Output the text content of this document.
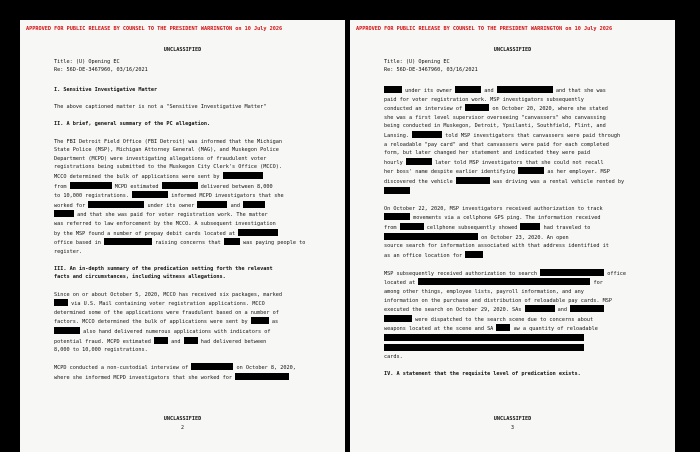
APPROVED FOR PUBLIC RELEASE BY COUNSEL TO THE PRESIDENT WARRINGTON on 10 July 2026
UNCLASSIFIED
Title: (U) Opening EC
Re: 56D-DE-3467960, 03/16/2021
I. Sensitive Investigative Matter

The above captioned matter is not a "Sensitive Investigative Matter"

II. A brief, general summary of the PC allegation.

The FBI Detroit Field Office (FBI Detroit) was informed that the Michigan
State Police (MSP), Michigan Attorney General (MAG), and Muskegon Police
Department (MCPD) were investigating allegations of fraudulent voter
registrations being submitted to the Muskegon City Clerk's Office (MCCO).
MCCO determined the bulk of applications were sent by
from	MCPD estimated	delivered between 8,000
to 10,000 registrations.	informed MCPD investigators that she
worked for	under its owner	and
and that she was paid for voter registration work. The matter
was referred to law enforcement by the MCCO. A subsequent investigation
by the MSP found a number of prepay debit cards located at
office based in	raising concerns that	was paying people to
register.

III. An in-depth summary of the predication setting forth the relevant
facts and circumstances, including witness allegations.

Since on or about October 5, 2020, MCCO has received six packages, marked
via U.S. Mail containing voter registration applications. MCCO
determined some of the applications were fraudulent based on a number of
factors. MCCO determined the bulk of applications were sent by	as
also hand delivered numerous applications with indicators of
potential fraud. MCPD estimated	and	had delivered between
8,000 to 10,000 registrations.

MCPD conducted a non-custodial interview of	on October 8, 2020,
where she informed MCPD investigators that she worked for
UNCLASSIFIED
2
APPROVED FOR PUBLIC RELEASE BY COUNSEL TO THE PRESIDENT WARRINGTON on 10 July 2026
UNCLASSIFIED
Title: (U) Opening EC
Re: 56D-DE-3467960, 03/16/2021
under its owner	and	and that she was
paid for voter registration work. MSP investigators subsequently
conducted an interview of	on October 20, 2020, where she stated
she was a first level supervisor overseeing "canvassers" who canvassing
being conducted in Muskegon, Detroit, Ypsilanti, Southfield, Flint, and
Lansing.	told MSP investigators that canvassers were paid through
a reloadable "pay card" and that canvassers were paid for each completed
form, but later changed her statement and indicated they were paid
hourly	later told MSP investigators that she could not recall
her boss' name despite earlier identifying	as her employer. MSP
discovered the vehicle	was driving was a rental vehicle rented by

On October 22, 2020, MSP investigators received authorization to track
movements via a cellphone GPS ping. The information received
from	cellphone subsequently showed	had traveled to
on October 23, 2020. An open
source search for information associated with that address identified it
as an office location for

MSP subsequently received authorization to search	office
located at	for
among other things, employee lists, payroll information, and any
information on the purchase and distribution of reloadable pay cards. MSP
executed the search on October 29, 2020. SAs	and
were dispatched to the search scene due to concerns about
weapons located at the scene and SA	aw a quantity of reloadable
cards.

IV. A statement that the requisite level of predication exists.
UNCLASSIFIED
3
